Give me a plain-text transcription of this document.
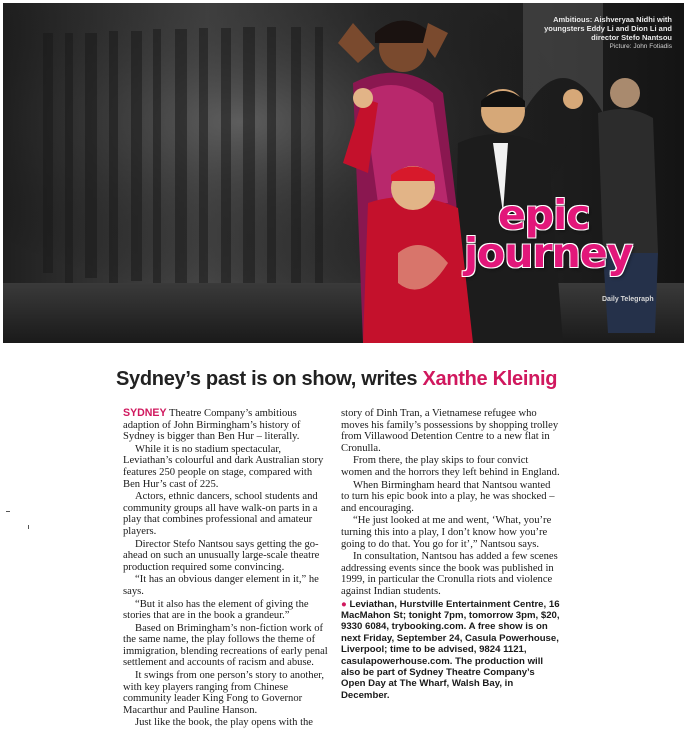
Ambitious: Aishveryaa Nidhi with youngsters Eddy Li and Dion Li and director Stefo Nantsou
Picture: John Fotiadis
epic
journey
Daily Telegraph
Sydney’s past is on show, writes Xanthe Kleinig

SYDNEY Theatre Company’s ambitious adaption of John Birmingham’s history of Sydney is bigger than Ben Hur – literally.

While it is no stadium spectacular, Leviathan’s colourful and dark Australian story features 250 people on stage, compared with Ben Hur’s cast of 225.

Actors, ethnic dancers, school students and community groups all have walk-on parts in a play that combines professional and amateur players.

Director Stefo Nantsou says getting the go-ahead on such an unusually large-scale theatre production required some convincing.

“It has an obvious danger element in it,” he says.

“But it also has the element of giving the stories that are in the book a grandeur.”

Based on Brimingham’s non-fiction work of the same name, the play follows the theme of immigration, blending recreations of early penal settlement and accounts of racism and abuse.

It swings from one person’s story to another, with key players ranging from Chinese community leader King Fong to Governor Macarthur and Pauline Hanson.

Just like the book, the play opens with the

story of Dinh Tran, a Vietnamese refugee who moves his family’s possessions by shopping trolley from Villawood Detention Centre to a new flat in Cronulla.

From there, the play skips to four convict women and the horrors they left behind in England.

When Birmingham heard that Nantsou wanted to turn his epic book into a play, he was shocked – and encouraging.

“He just looked at me and went, ‘What, you’re turning this into a play, I don’t know how you’re going to do that. You go for it’,” Nantsou says.

In consultation, Nantsou has added a few scenes addressing events since the book was published in 1999, in particular the Cronulla riots and violence against Indian students.

● Leviathan, Hurstville Entertainment Centre, 16 MacMahon St; tonight 7pm, tomorrow 3pm, $20, 9330 6084, trybooking.com. A free show is on next Friday, September 24, Casula Powerhouse, Liverpool; time to be advised, 9824 1121, casulapowerhouse.com. The production will also be part of Sydney Theatre Company’s Open Day at The Wharf, Walsh Bay, in December.
